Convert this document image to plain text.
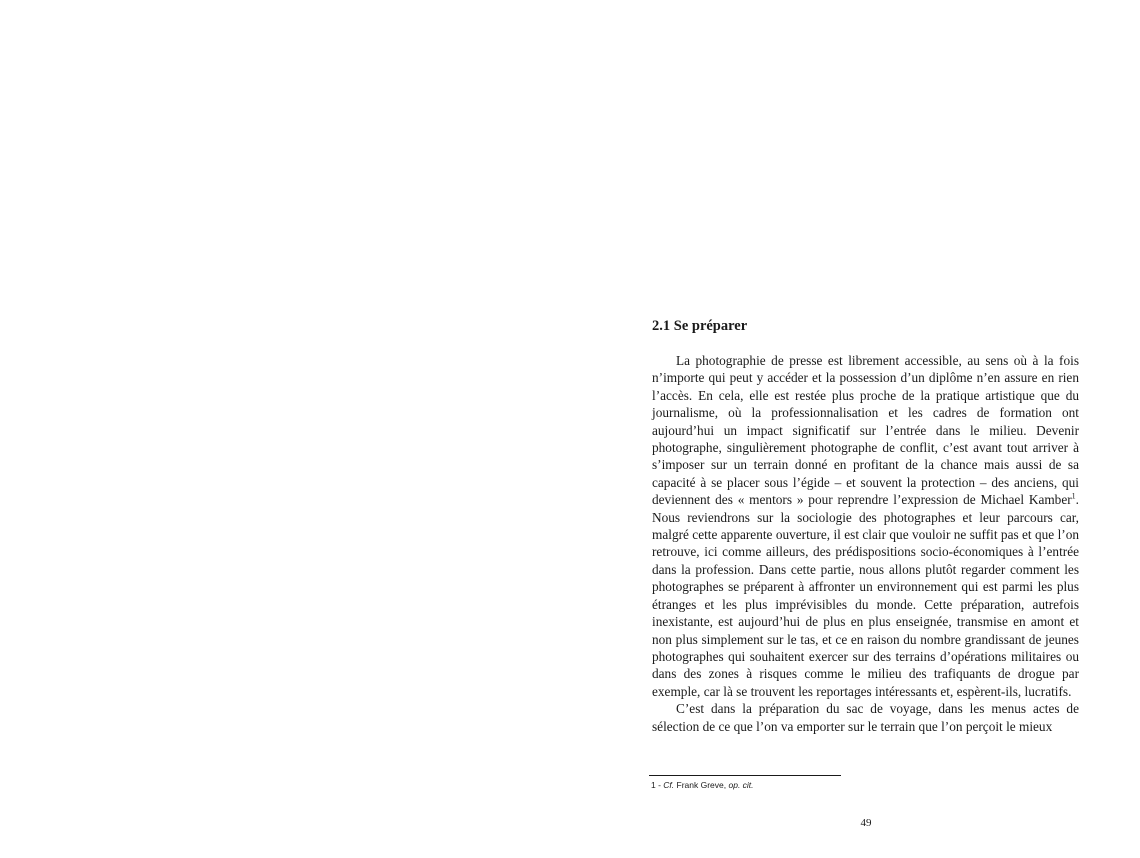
2.1 Se préparer

La photographie de presse est librement accessible, au sens où à la fois n’importe qui peut y accéder et la possession d’un diplôme n’en assure en rien l’accès. En cela, elle est restée plus proche de la pratique artistique que du journalisme, où la professionnalisation et les cadres de formation ont aujourd’hui un impact significatif sur l’entrée dans le milieu. Devenir photographe, singulièrement photographe de conflit, c’est avant tout arriver à s’imposer sur un terrain donné en profitant de la chance mais aussi de sa capacité à se placer sous l’égide – et souvent la protection – des anciens, qui deviennent des « mentors » pour reprendre l’expression de Michael Kamber$^1$. Nous reviendrons sur la sociologie des photographes et leur parcours car, malgré cette apparente ouverture, il est clair que vouloir ne suffit pas et que l’on retrouve, ici comme ailleurs, des prédispositions socio-économiques à l’entrée dans la profession. Dans cette partie, nous allons plutôt regarder comment les photographes se préparent à affronter un environnement qui est parmi les plus étranges et les plus imprévisibles du monde. Cette préparation, autrefois inexistante, est aujourd’hui de plus en plus enseignée, transmise en amont et non plus simplement sur le tas, et ce en raison du nombre grandissant de jeunes photographes qui souhaitent exercer sur des terrains d’opérations militaires ou dans des zones à risques comme le milieu des trafiquants de drogue par exemple, car là se trouvent les reportages intéressants et, espèrent-ils, lucratifs.

C’est dans la préparation du sac de voyage, dans les menus actes de sélection de ce que l’on va emporter sur le terrain que l’on perçoit le mieux

1 - Cf. Frank Greve, op. cit.

49
